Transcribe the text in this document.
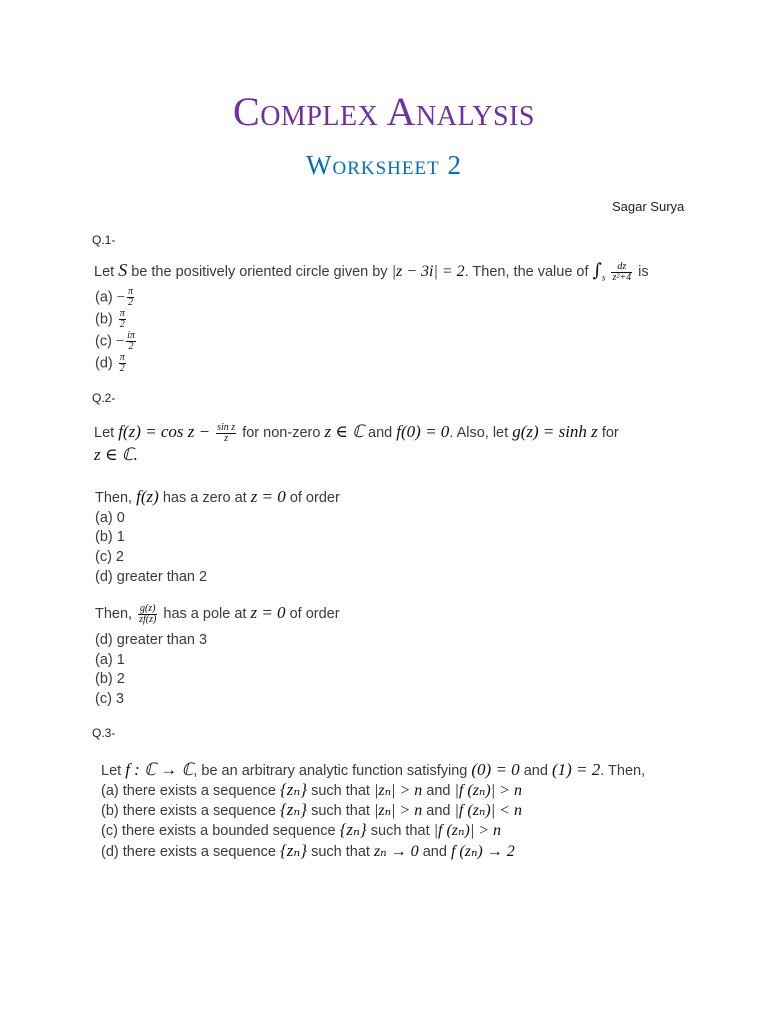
Complex Analysis
Worksheet 2
Sagar Surya
Q.1-
Let S be the positively oriented circle given by |z − 3i| = 2. Then, the value of $\int_s \frac{dz}{\text{z²+4}}$ is
$(a) - \frac{\pi}{2}$
$(b) \frac{\pi}{2}$
$(c) - \frac{i\pi}{2}$
$(d) \frac{\pi}{2}$
Q.2-
Let $f(z) = \cos z - \frac{\text{sin z}}{z}$ for non-zero z ∈ ℂ and f(0) = 0. Also, let g(z) = sinh z for
z ∈ ℂ.
Then, f(z) has a zero at z = 0 of order
(a) 0
(b) 1
(c) 2
(d) greater than 2
Then, $\frac{g(z)}{zf(z)}$ has a pole at z = 0 of order
(d) greater than 3
(a) 1
(b) 2
(c) 3
Q.3-
Let f : ℂ → ℂ, be an arbitrary analytic function satisfying (0) = 0 and (1) = 2. Then,
(a) there exists a sequence {zₙ} such that |zₙ| > n and |f (zₙ)| > n
(b) there exists a sequence {zₙ} such that |zₙ| > n and |f (zₙ)| < n
(c) there exists a bounded sequence {zₙ} such that |f (zₙ)| > n
(d) there exists a sequence {zₙ} such that zₙ → 0 and f (zₙ) → 2
